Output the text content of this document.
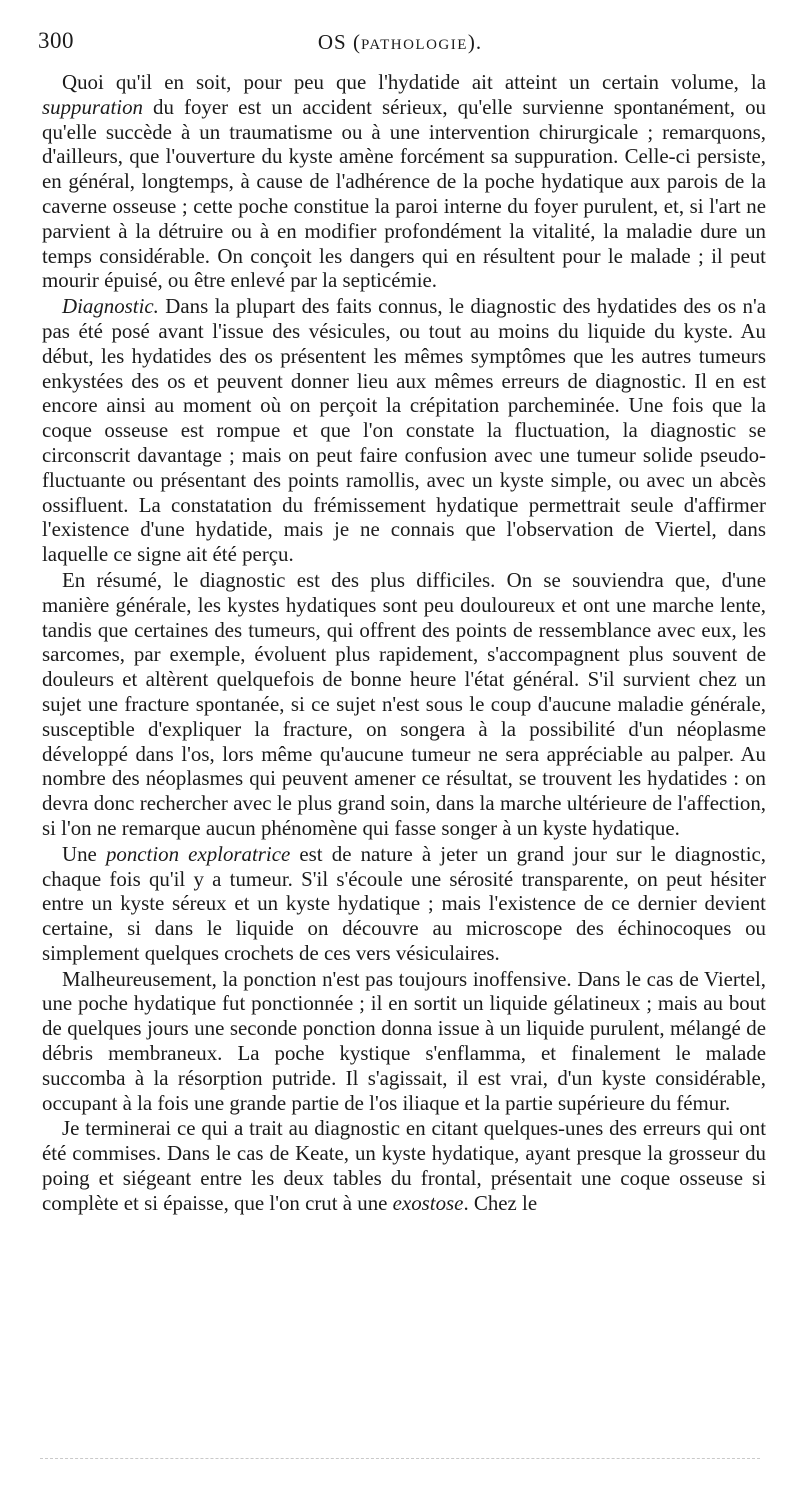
300	OS (PATHOLOGIE).

Quoi qu'il en soit, pour peu que l'hydatide ait atteint un certain volume, la suppuration du foyer est un accident sérieux, qu'elle survienne spontanément, ou qu'elle succède à un traumatisme ou à une intervention chirurgicale ; remarquons, d'ailleurs, que l'ouverture du kyste amène forcément sa suppuration. Celle-ci persiste, en général, longtemps, à cause de l'adhérence de la poche hydatique aux parois de la caverne osseuse ; cette poche constitue la paroi interne du foyer purulent, et, si l'art ne parvient à la détruire ou à en modifier profondément la vitalité, la maladie dure un temps considérable. On conçoit les dangers qui en résultent pour le malade ; il peut mourir épuisé, ou être enlevé par la septicémie.

Diagnostic. Dans la plupart des faits connus, le diagnostic des hydatides des os n'a pas été posé avant l'issue des vésicules, ou tout au moins du liquide du kyste. Au début, les hydatides des os présentent les mêmes symptômes que les autres tumeurs enkystées des os et peuvent donner lieu aux mêmes erreurs de diagnostic. Il en est encore ainsi au moment où on perçoit la crépitation parcheminée. Une fois que la coque osseuse est rompue et que l'on constate la fluctuation, la diagnostic se circonscrit davantage ; mais on peut faire confusion avec une tumeur solide pseudo-fluctuante ou présentant des points ramollis, avec un kyste simple, ou avec un abcès ossifluent. La constatation du frémissement hydatique permettrait seule d'affirmer l'existence d'une hydatide, mais je ne connais que l'observation de Viertel, dans laquelle ce signe ait été perçu.

En résumé, le diagnostic est des plus difficiles. On se souviendra que, d'une manière générale, les kystes hydatiques sont peu douloureux et ont une marche lente, tandis que certaines des tumeurs, qui offrent des points de ressemblance avec eux, les sarcomes, par exemple, évoluent plus rapidement, s'accompagnent plus souvent de douleurs et altèrent quelquefois de bonne heure l'état général. S'il survient chez un sujet une fracture spontanée, si ce sujet n'est sous le coup d'aucune maladie générale, susceptible d'expliquer la fracture, on songera à la possibilité d'un néoplasme développé dans l'os, lors même qu'aucune tumeur ne sera appréciable au palper. Au nombre des néoplasmes qui peuvent amener ce résultat, se trouvent les hydatides : on devra donc rechercher avec le plus grand soin, dans la marche ultérieure de l'affection, si l'on ne remarque aucun phénomène qui fasse songer à un kyste hydatique.

Une ponction exploratrice est de nature à jeter un grand jour sur le diagnostic, chaque fois qu'il y a tumeur. S'il s'écoule une sérosité transparente, on peut hésiter entre un kyste séreux et un kyste hydatique ; mais l'existence de ce dernier devient certaine, si dans le liquide on découvre au microscope des échinocoques ou simplement quelques crochets de ces vers vésiculaires.

Malheureusement, la ponction n'est pas toujours inoffensive. Dans le cas de Viertel, une poche hydatique fut ponctionnée ; il en sortit un liquide gélatineux ; mais au bout de quelques jours une seconde ponction donna issue à un liquide purulent, mélangé de débris membraneux. La poche kystique s'enflamma, et finalement le malade succomba à la résorption putride. Il s'agissait, il est vrai, d'un kyste considérable, occupant à la fois une grande partie de l'os iliaque et la partie supérieure du fémur.

Je terminerai ce qui a trait au diagnostic en citant quelques-unes des erreurs qui ont été commises. Dans le cas de Keate, un kyste hydatique, ayant presque la grosseur du poing et siégeant entre les deux tables du frontal, présentait une coque osseuse si complète et si épaisse, que l'on crut à une exostose. Chez le
